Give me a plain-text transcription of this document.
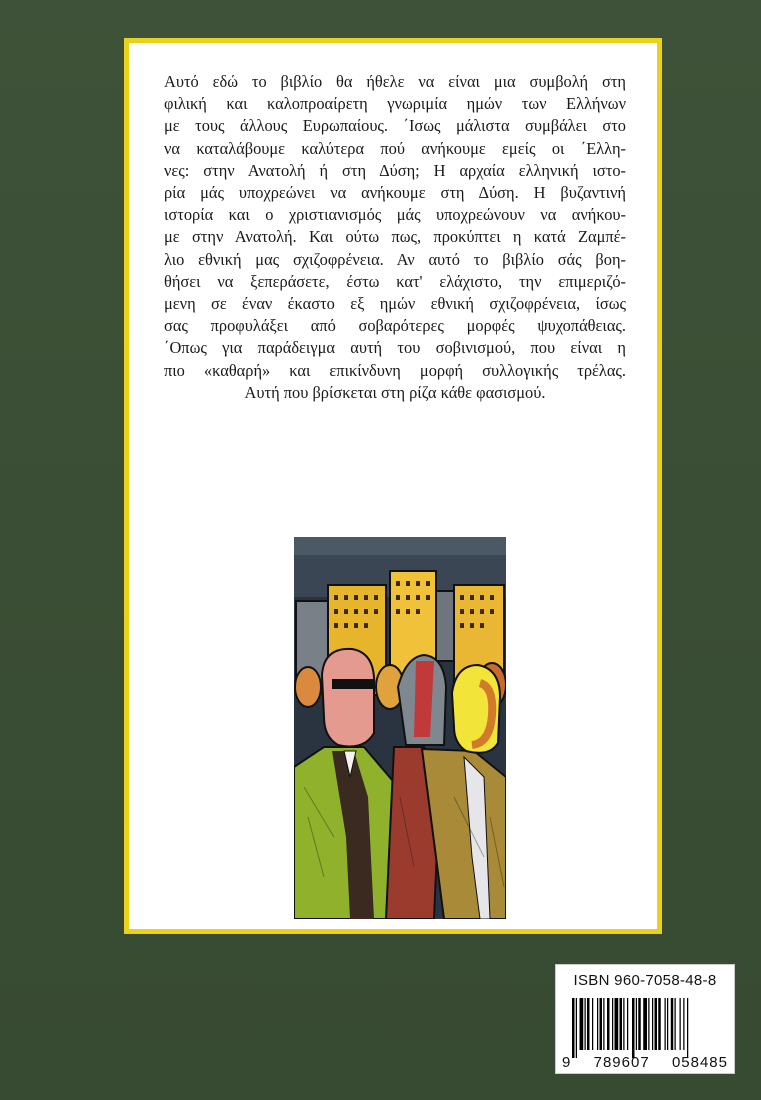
Αυτό εδώ το βιβλίο θα ήθελε να είναι μια συμβολή στη
φιλική και καλοπροαίρετη γνωριμία ημών των Ελλήνων
με τους άλλους Ευρωπαίους. ΄Ισως μάλιστα συμβάλει στο
να καταλάβουμε καλύτερα πού ανήκουμε εμείς οι ΄Ελλη-
νες: στην Ανατολή ή στη Δύση; Η αρχαία ελληνική ιστο-
ρία μάς υποχρεώνει να ανήκουμε στη Δύση. Η βυζαντινή
ιστορία και ο χριστιανισμός μάς υποχρεώνουν να ανήκου-
με στην Ανατολή. Και ούτω πως, προκύπτει η κατά Ζαμπέ-
λιο εθνική μας σχιζοφρένεια. Αν αυτό το βιβλίο σάς βοη-
θήσει να ξεπεράσετε, έστω κατ' ελάχιστο, την επιμεριζό-
μενη σε έναν έκαστο εξ ημών εθνική σχιζοφρένεια, ίσως
σας προφυλάξει από σοβαρότερες μορφές ψυχοπάθειας.
΄Οπως για παράδειγμα αυτή του σοβινισμού, που είναι η
πιο «καθαρή» και επικίνδυνη μορφή συλλογικής τρέλας.
Αυτή που βρίσκεται στη ρίζα κάθε φασισμού.
ISBN 960-7058-48-8
9 789607 058485
